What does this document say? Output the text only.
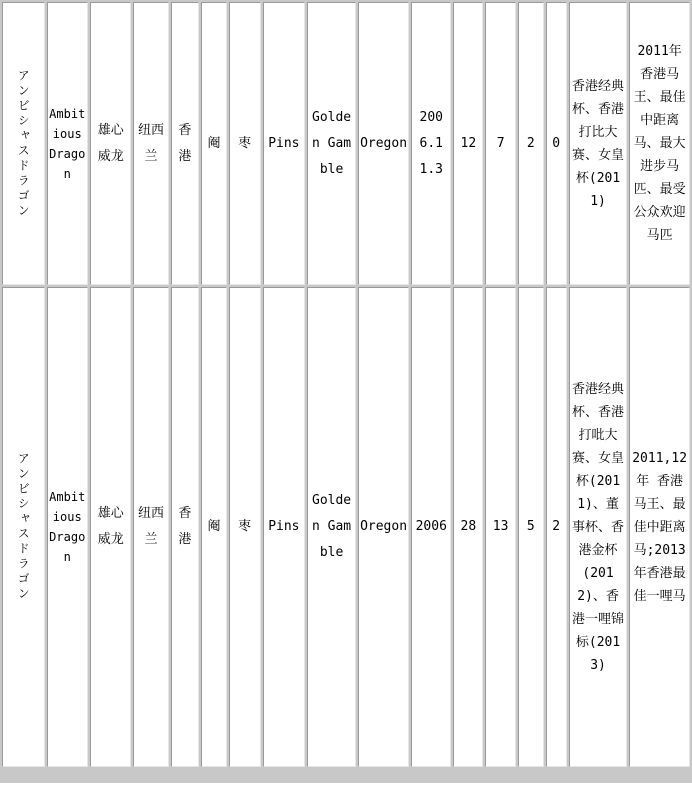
アンビシャスドラゴン	Ambitious Dragon	雄心威龙	纽西兰	香港	阉	枣	Pins	Golden Gamble	Oregon	2006.11.3	12	7	2	0	香港经典杯、香港打比大赛、女皇杯(2011)	2011年香港马王、最佳中距离马、最大进步马匹、最受公众欢迎马匹
アンビシャスドラゴン	Ambitious Dragon	雄心威龙	纽西兰	香港	阉	枣	Pins	Golden Gamble	Oregon	2006	28	13	5	2	香港经典杯、香港打吡大赛、女皇杯(2011)、董事杯、香港金杯(2012)、香港一哩锦标(2013)	2011,12年 香港马王、最佳中距离马;2013年香港最佳一哩马
